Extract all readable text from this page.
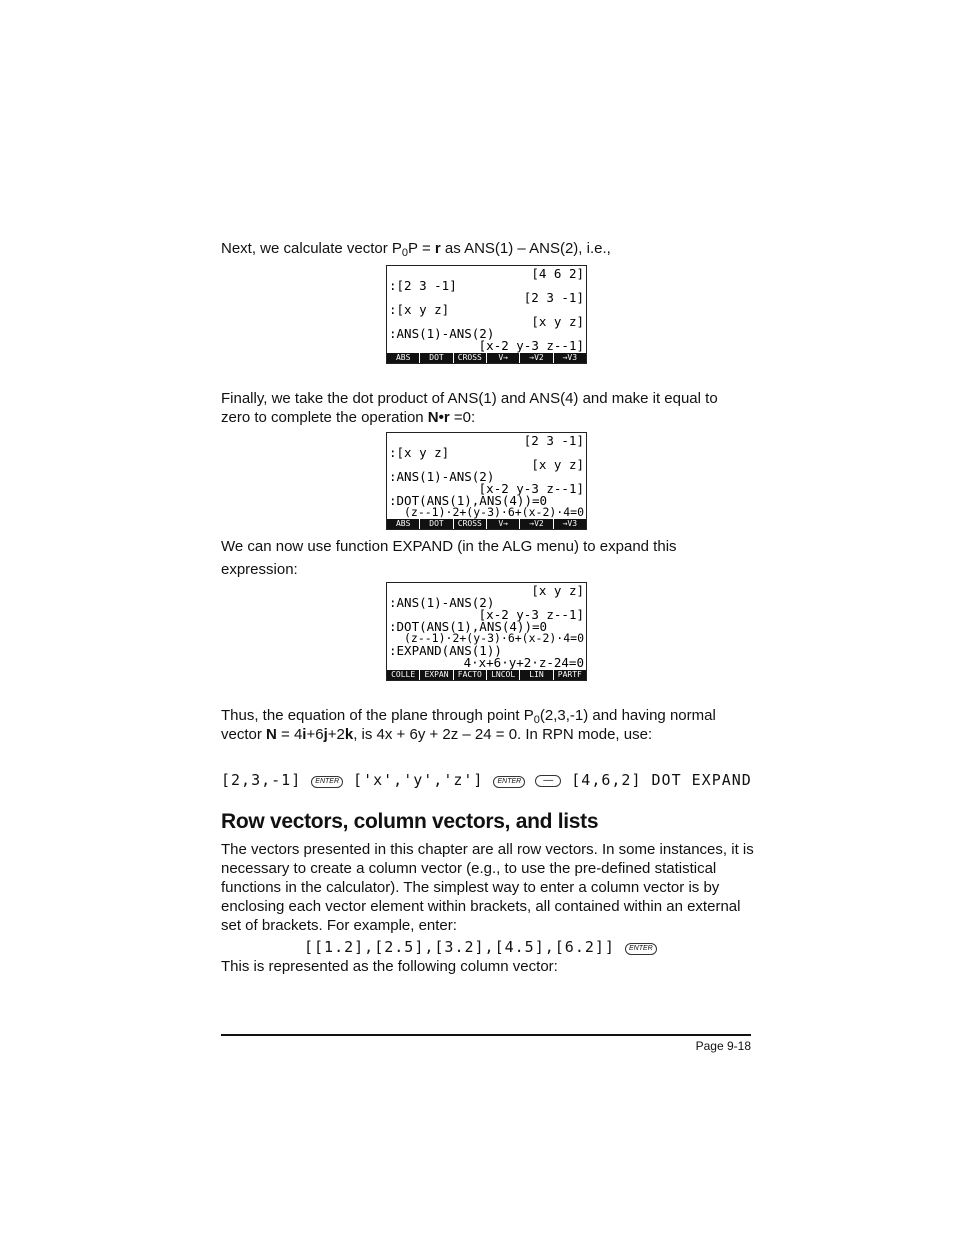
Next, we calculate vector $P_0P = r$ as ANS(1) – ANS(2), i.e.,
[4 6 2]
:[2 3 -1]
[2 3 -1]
:[x y z]
[x y z]
:ANS(1)-ANS(2)
[x-2 y-3 z--1]
ABS	DOT	CROSS	V→	→V2	→V3
Finally, we take the dot product of ANS(1) and ANS(4) and make it equal to
zero to complete the operation N•r =0:
[2 3 -1]
:[x y z]
[x y z]
:ANS(1)-ANS(2)
[x-2 y-3 z--1]
:DOT(ANS(1),ANS(4))=0
(z--1)·2+(y-3)·6+(x-2)·4=0
ABS	DOT	CROSS	V→	→V2	→V3
We can now use function EXPAND (in the ALG menu) to expand this
expression:
[x y z]
:ANS(1)-ANS(2)
[x-2 y-3 z--1]
:DOT(ANS(1),ANS(4))=0
(z--1)·2+(y-3)·6+(x-2)·4=0
:EXPAND(ANS(1))
4·x+6·y+2·z-24=0
COLLE	EXPAN	FACTO	LNCOL	LIN	PARTF
Thus, the equation of the plane through point $P_0(2,3,-1)$ and having normal
vector N = 4i+6j+2k, is 4x + 6y + 2z – 24 = 0. In RPN mode, use:
[2,3,-1] ENTER ['x','y','z'] ENTER — [4,6,2] DOT EXPAND
Row vectors, column vectors, and lists
The vectors presented in this chapter are all row vectors. In some instances, it is
necessary to create a column vector (e.g., to use the pre-defined statistical
functions in the calculator). The simplest way to enter a column vector is by
enclosing each vector element within brackets, all contained within an external
set of brackets. For example, enter:
[[1.2],[2.5],[3.2],[4.5],[6.2]] ENTER
This is represented as the following column vector:
Page 9-18
